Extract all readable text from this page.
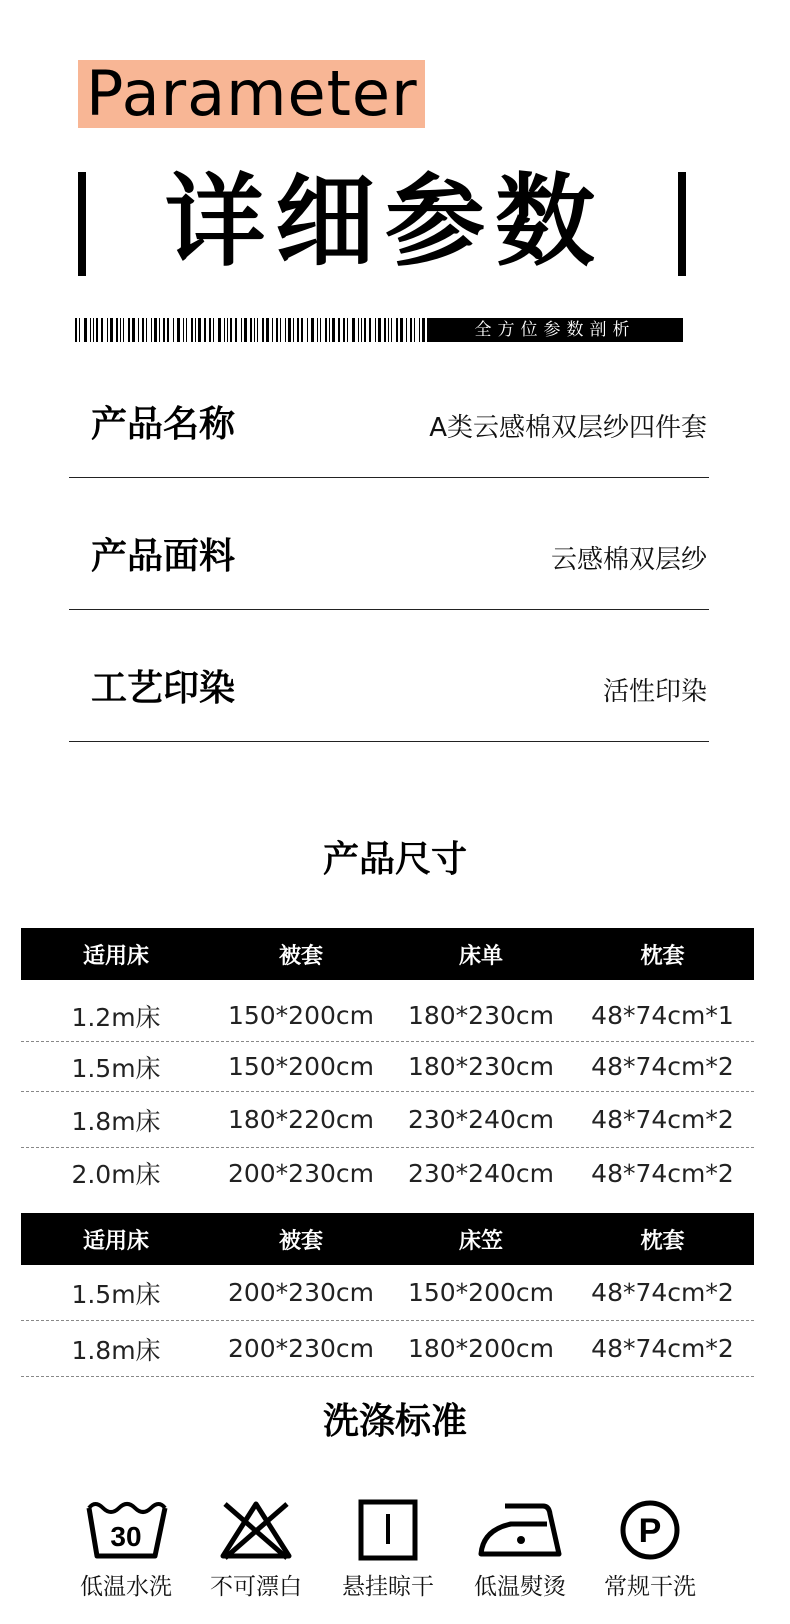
Parameter
详细参数
全方位参数剖析
产品名称	A类云感棉双层纱四件套
产品面料	云感棉双层纱
工艺印染	活性印染
产品尺寸
适用床	被套	床单	枕套
1.2m床	150*200cm	180*230cm	48*74cm*1
1.5m床	150*200cm	180*230cm	48*74cm*2
1.8m床	180*220cm	230*240cm	48*74cm*2
2.0m床	200*230cm	230*240cm	48*74cm*2
适用床	被套	床笠	枕套
1.5m床	200*230cm	150*200cm	48*74cm*2
1.8m床	200*230cm	180*200cm	48*74cm*2
洗涤标准
30
低温水洗	不可漂白	悬挂晾干	低温熨烫
P
常规干洗
